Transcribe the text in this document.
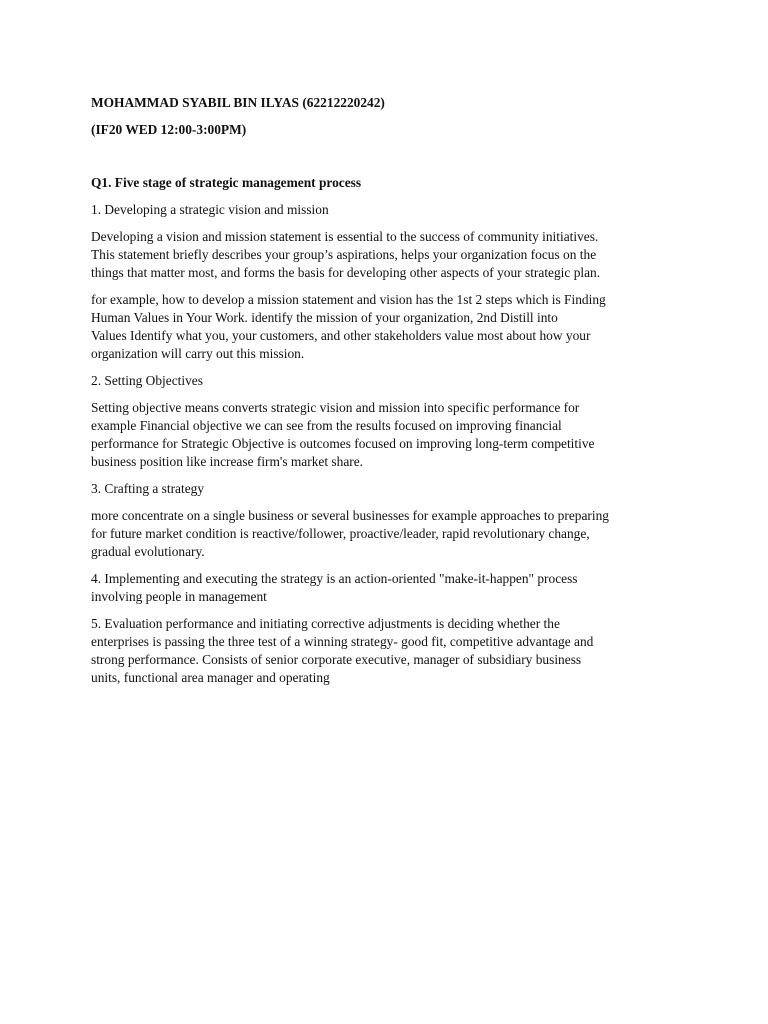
MOHAMMAD SYABIL BIN ILYAS (62212220242)

(IF20 WED 12:00-3:00PM)

Q1. Five stage of strategic management process

1. Developing a strategic vision and mission

Developing a vision and mission statement is essential to the success of community initiatives.
This statement briefly describes your group’s aspirations, helps your organization focus on the
things that matter most, and forms the basis for developing other aspects of your strategic plan.

for example, how to develop a mission statement and vision has the 1st 2 steps which is Finding
Human Values in Your Work. identify the mission of your organization, 2nd Distill into
Values Identify what you, your customers, and other stakeholders value most about how your
organization will carry out this mission.

2. Setting Objectives

Setting objective means converts strategic vision and mission into specific performance for
example Financial objective we can see from the results focused on improving financial
performance for Strategic Objective is outcomes focused on improving long-term competitive
business position like increase firm's market share.

3. Crafting a strategy

more concentrate on a single business or several businesses for example approaches to preparing
for future market condition is reactive/follower, proactive/leader, rapid revolutionary change,
gradual evolutionary.

4. Implementing and executing the strategy is an action-oriented "make-it-happen" process
involving people in management

5. Evaluation performance and initiating corrective adjustments is deciding whether the
enterprises is passing the three test of a winning strategy- good fit, competitive advantage and
strong performance. Consists of senior corporate executive, manager of subsidiary business
units, functional area manager and operating
